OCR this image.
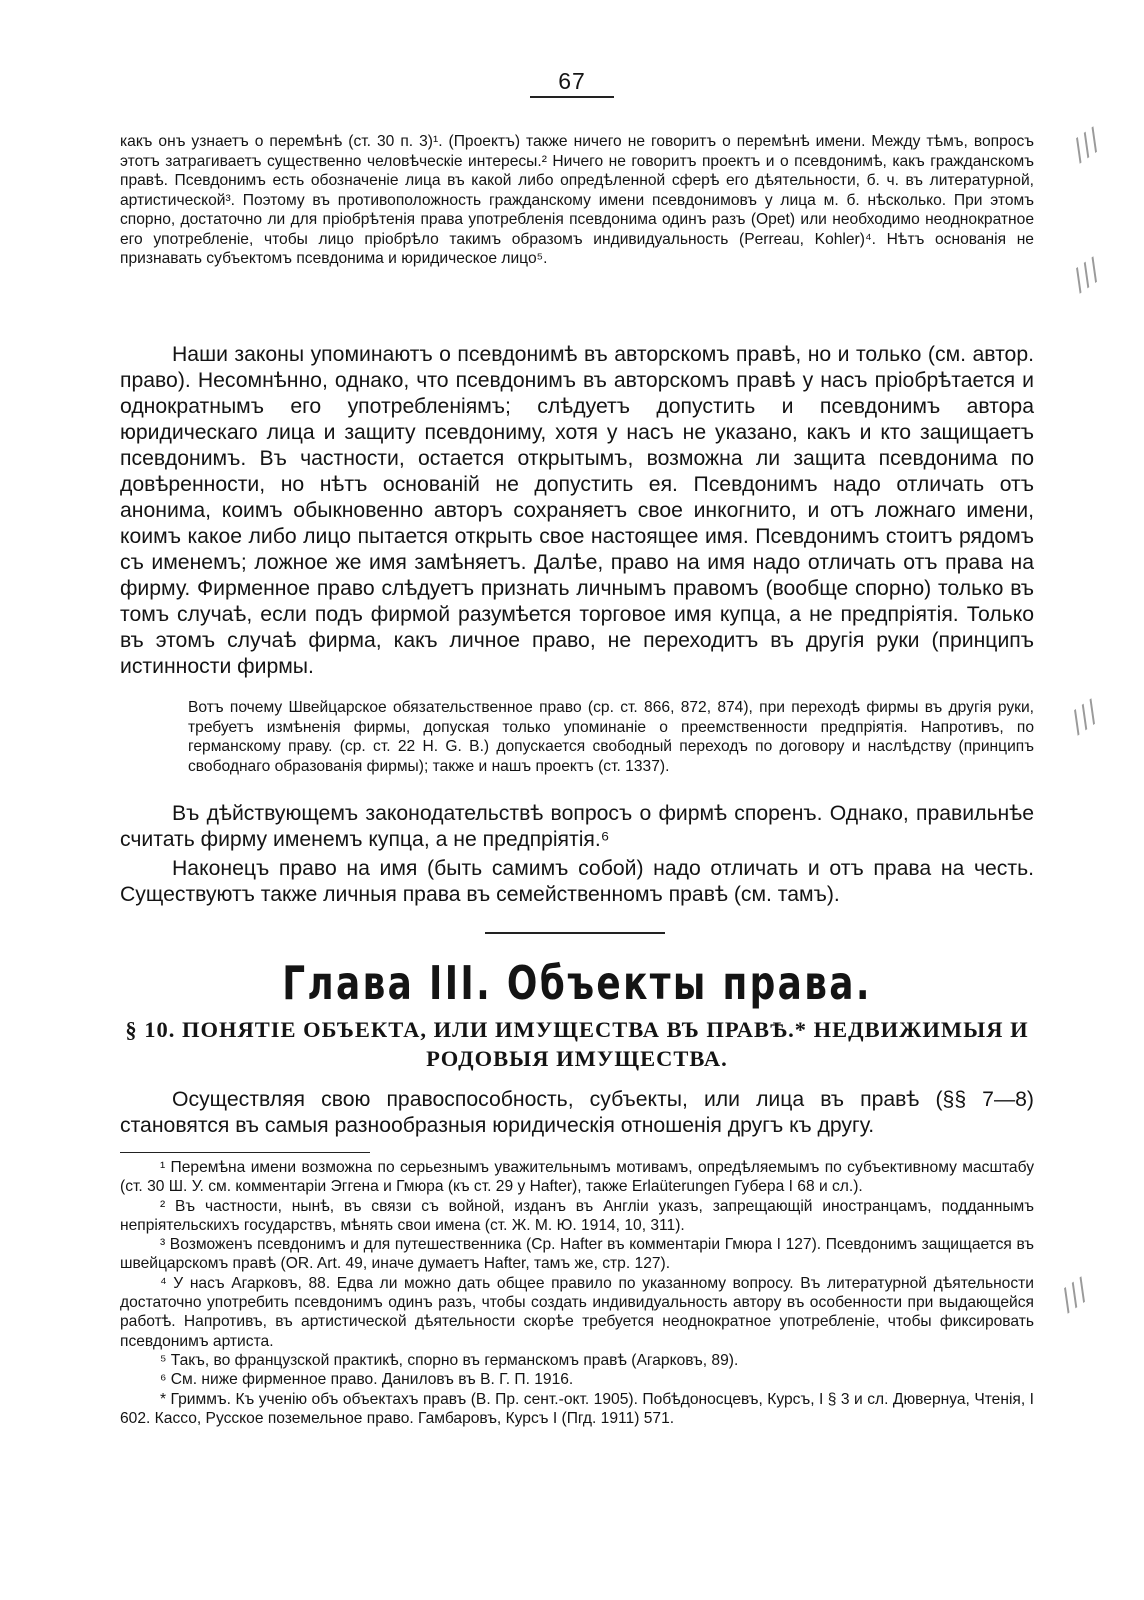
67

какъ онъ узнаетъ о перемѣнѣ (ст. 30 п. 3)¹. (Проектъ) также ничего не говоритъ о перемѣнѣ имени. Между тѣмъ, вопросъ этотъ затрагиваетъ существенно человѣческіе интересы.² Ничего не говоритъ проектъ и о псевдонимѣ, какъ гражданскомъ правѣ. Псевдонимъ есть обозначеніе лица въ какой либо опредѣленной сферѣ его дѣятельности, б. ч. въ литературной, артистической³. Поэтому въ противоположность гражданскому имени псевдонимовъ у лица м. б. нѣсколько. При этомъ спорно, достаточно ли для пріобрѣтенія права употребленія псевдонима одинъ разъ (Opet) или необходимо неоднократное его употребленіе, чтобы лицо пріобрѣло такимъ образомъ индивидуальность (Perreau, Kohler)⁴. Нѣтъ основанія не признавать субъектомъ псевдонима и юридическое лицо⁵.

Наши законы упоминаютъ о псевдонимѣ въ авторскомъ правѣ, но и только (см. автор. право). Несомнѣнно, однако, что псевдонимъ въ авторскомъ правѣ у насъ пріобрѣтается и однократнымъ его употребленіямъ; слѣдуетъ допустить и псевдонимъ автора юридическаго лица и защиту псевдониму, хотя у насъ не указано, какъ и кто защищаетъ псевдонимъ. Въ частности, остается открытымъ, возможна ли защита псевдонима по довѣренности, но нѣтъ основаній не допустить ея. Псевдонимъ надо отличать отъ анонима, коимъ обыкновенно авторъ сохраняетъ свое инкогнито, и отъ ложнаго имени, коимъ какое либо лицо пытается открыть свое настоящее имя. Псевдонимъ стоитъ рядомъ съ именемъ; ложное же имя замѣняетъ. Далѣе, право на имя надо отличать отъ права на фирму. Фирменное право слѣдуетъ признать личнымъ правомъ (вообще спорно) только въ томъ случаѣ, если подъ фирмой разумѣется торговое имя купца, а не предпріятія. Только въ этомъ случаѣ фирма, какъ личное право, не переходитъ въ другія руки (принципъ истинности фирмы.

Вотъ почему Швейцарское обязательственное право (ср. ст. 866, 872, 874), при переходѣ фирмы въ другія руки, требуетъ измѣненія фирмы, допуская только упоминаніе о преемственности предпріятія. Напротивъ, по германскому праву. (ср. ст. 22 H. G. B.) допускается свободный переходъ по договору и наслѣдству (принципъ свободнаго образованія фирмы); также и нашъ проектъ (ст. 1337).

Въ дѣйствующемъ законодательствѣ вопросъ о фирмѣ споренъ. Однако, правильнѣе считать фирму именемъ купца, а не предпріятія.⁶

Наконецъ право на имя (быть самимъ собой) надо отличать и отъ права на честь. Существуютъ также личныя права въ семейственномъ правѣ (см. тамъ).

Глава III. Объекты права.
§ 10. ПОНЯТІЕ ОБЪЕКТА, ИЛИ ИМУЩЕСТВА ВЪ ПРАВѢ.* НЕДВИЖИМЫЯ И РОДОВЫЯ ИМУЩЕСТВА.

Осуществляя свою правоспособность, субъекты, или лица въ правѣ (§§ 7—8) становятся въ самыя разнообразныя юридическія отношенія другъ къ другу.

¹ Перемѣна имени возможна по серьезнымъ уважительнымъ мотивамъ, опредѣляемымъ по субъективному масштабу (ст. 30 Ш. У. см. комментаріи Эггена и Гмюра (къ ст. 29 у Hafter), также Erlaüterungen Губера I 68 и сл.).

² Въ частности, нынѣ, въ связи съ войной, изданъ въ Англіи указъ, запрещающій иностранцамъ, подданнымъ непріятельскихъ государствъ, мѣнять свои имена (ст. Ж. М. Ю. 1914, 10, 311).

³ Возможенъ псевдонимъ и для путешественника (Ср. Hafter въ комментаріи Гмюра I 127). Псевдонимъ защищается въ швейцарскомъ правѣ (OR. Art. 49, иначе думаетъ Hafter, тамъ же, стр. 127).

⁴ У насъ Агарковъ, 88. Едва ли можно дать общее правило по указанному вопросу. Въ литературной дѣятельности достаточно употребить псевдонимъ одинъ разъ, чтобы создать индивидуальность автору въ особенности при выдающейся работѣ. Напротивъ, въ артистической дѣятельности скорѣе требуется неоднократное употребленіе, чтобы фиксировать псевдонимъ артиста.

⁵ Такъ, во французской практикѣ, спорно въ германскомъ правѣ (Агарковъ, 89).

⁶ См. ниже фирменное право. Даниловъ въ В. Г. П. 1916.

* Гриммъ. Къ ученію объ объектахъ правъ (В. Пр. сент.-окт. 1905). Побѣдоносцевъ, Курсъ, I § 3 и сл. Дювернуа, Чтенія, I 602. Кассо, Русское поземельное право. Гамбаровъ, Курсъ I (Пгд. 1911) 571.

∕∕∕
∕∕∕
∕∕∕
∕∕∕
